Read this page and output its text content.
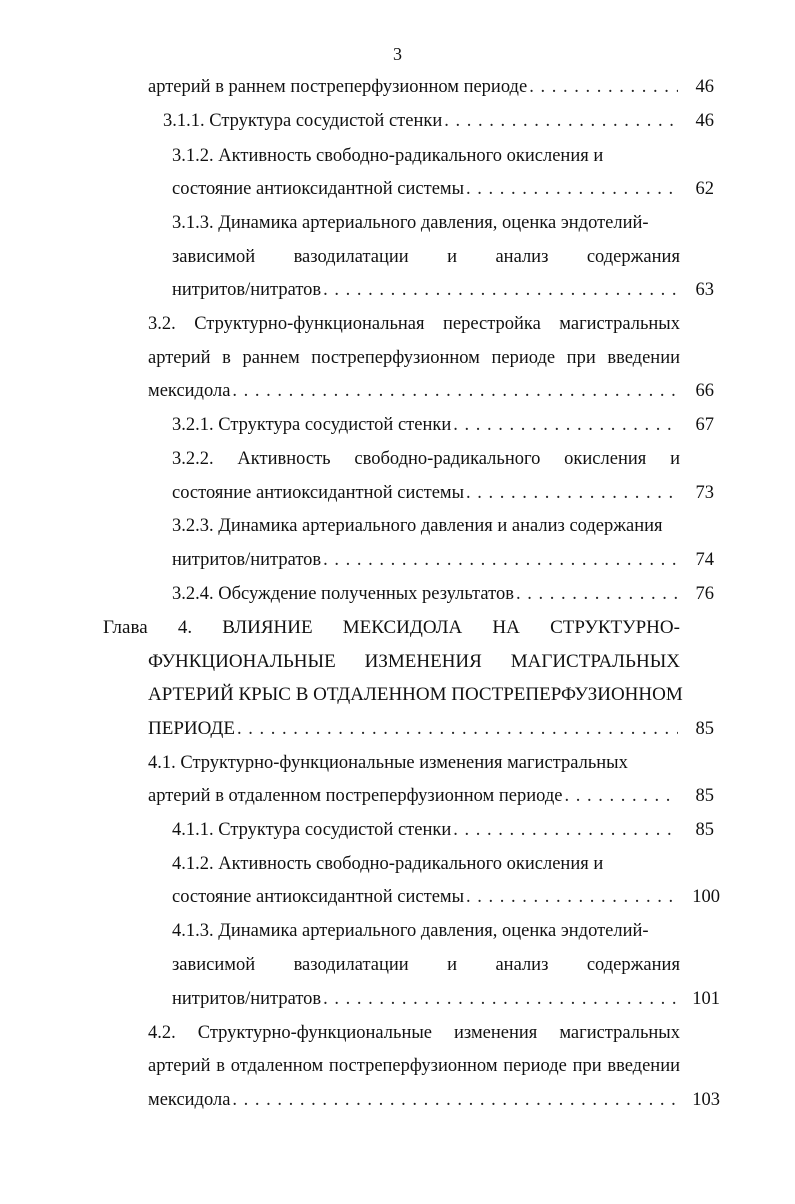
3
артерий в раннем постреперфузионном периоде . . .	46
3.1.1. Структура сосудистой стенки . . .	46
3.1.2. Активность свободно-радикального окисления и
состояние антиоксидантной системы . . .	62
3.1.3. Динамика артериального давления, оценка эндотелий-
зависимой вазодилатации и анализ содержания
нитритов/нитратов . . .	63
3.2. Структурно-функциональная перестройка магистральных
артерий в раннем постреперфузионном периоде при введении
мексидола . . .	66
3.2.1. Структура сосудистой стенки . . .	67
3.2.2. Активность свободно-радикального окисления и
состояние антиоксидантной системы . . .	73
3.2.3. Динамика артериального давления и анализ содержания
нитритов/нитратов . . .	74
3.2.4. Обсуждение полученных результатов . . .	76
Глава 4. ВЛИЯНИЕ МЕКСИДОЛА НА СТРУКТУРНО-
ФУНКЦИОНАЛЬНЫЕ ИЗМЕНЕНИЯ МАГИСТРАЛЬНЫХ
АРТЕРИЙ КРЫС В ОТДАЛЕННОМ ПОСТРЕПЕРФУЗИОННОМ
ПЕРИОДЕ . . .	85
4.1. Структурно-функциональные изменения магистральных
артерий в отдаленном постреперфузионном периоде . . .	85
4.1.1. Структура сосудистой стенки . . .	85
4.1.2. Активность свободно-радикального окисления и
состояние антиоксидантной системы . . .	100
4.1.3. Динамика артериального давления, оценка эндотелий-
зависимой вазодилатации и анализ содержания
нитритов/нитратов . . .	101
4.2. Структурно-функциональные изменения магистральных
артерий в отдаленном постреперфузионном периоде при введении
мексидола . . .	103
